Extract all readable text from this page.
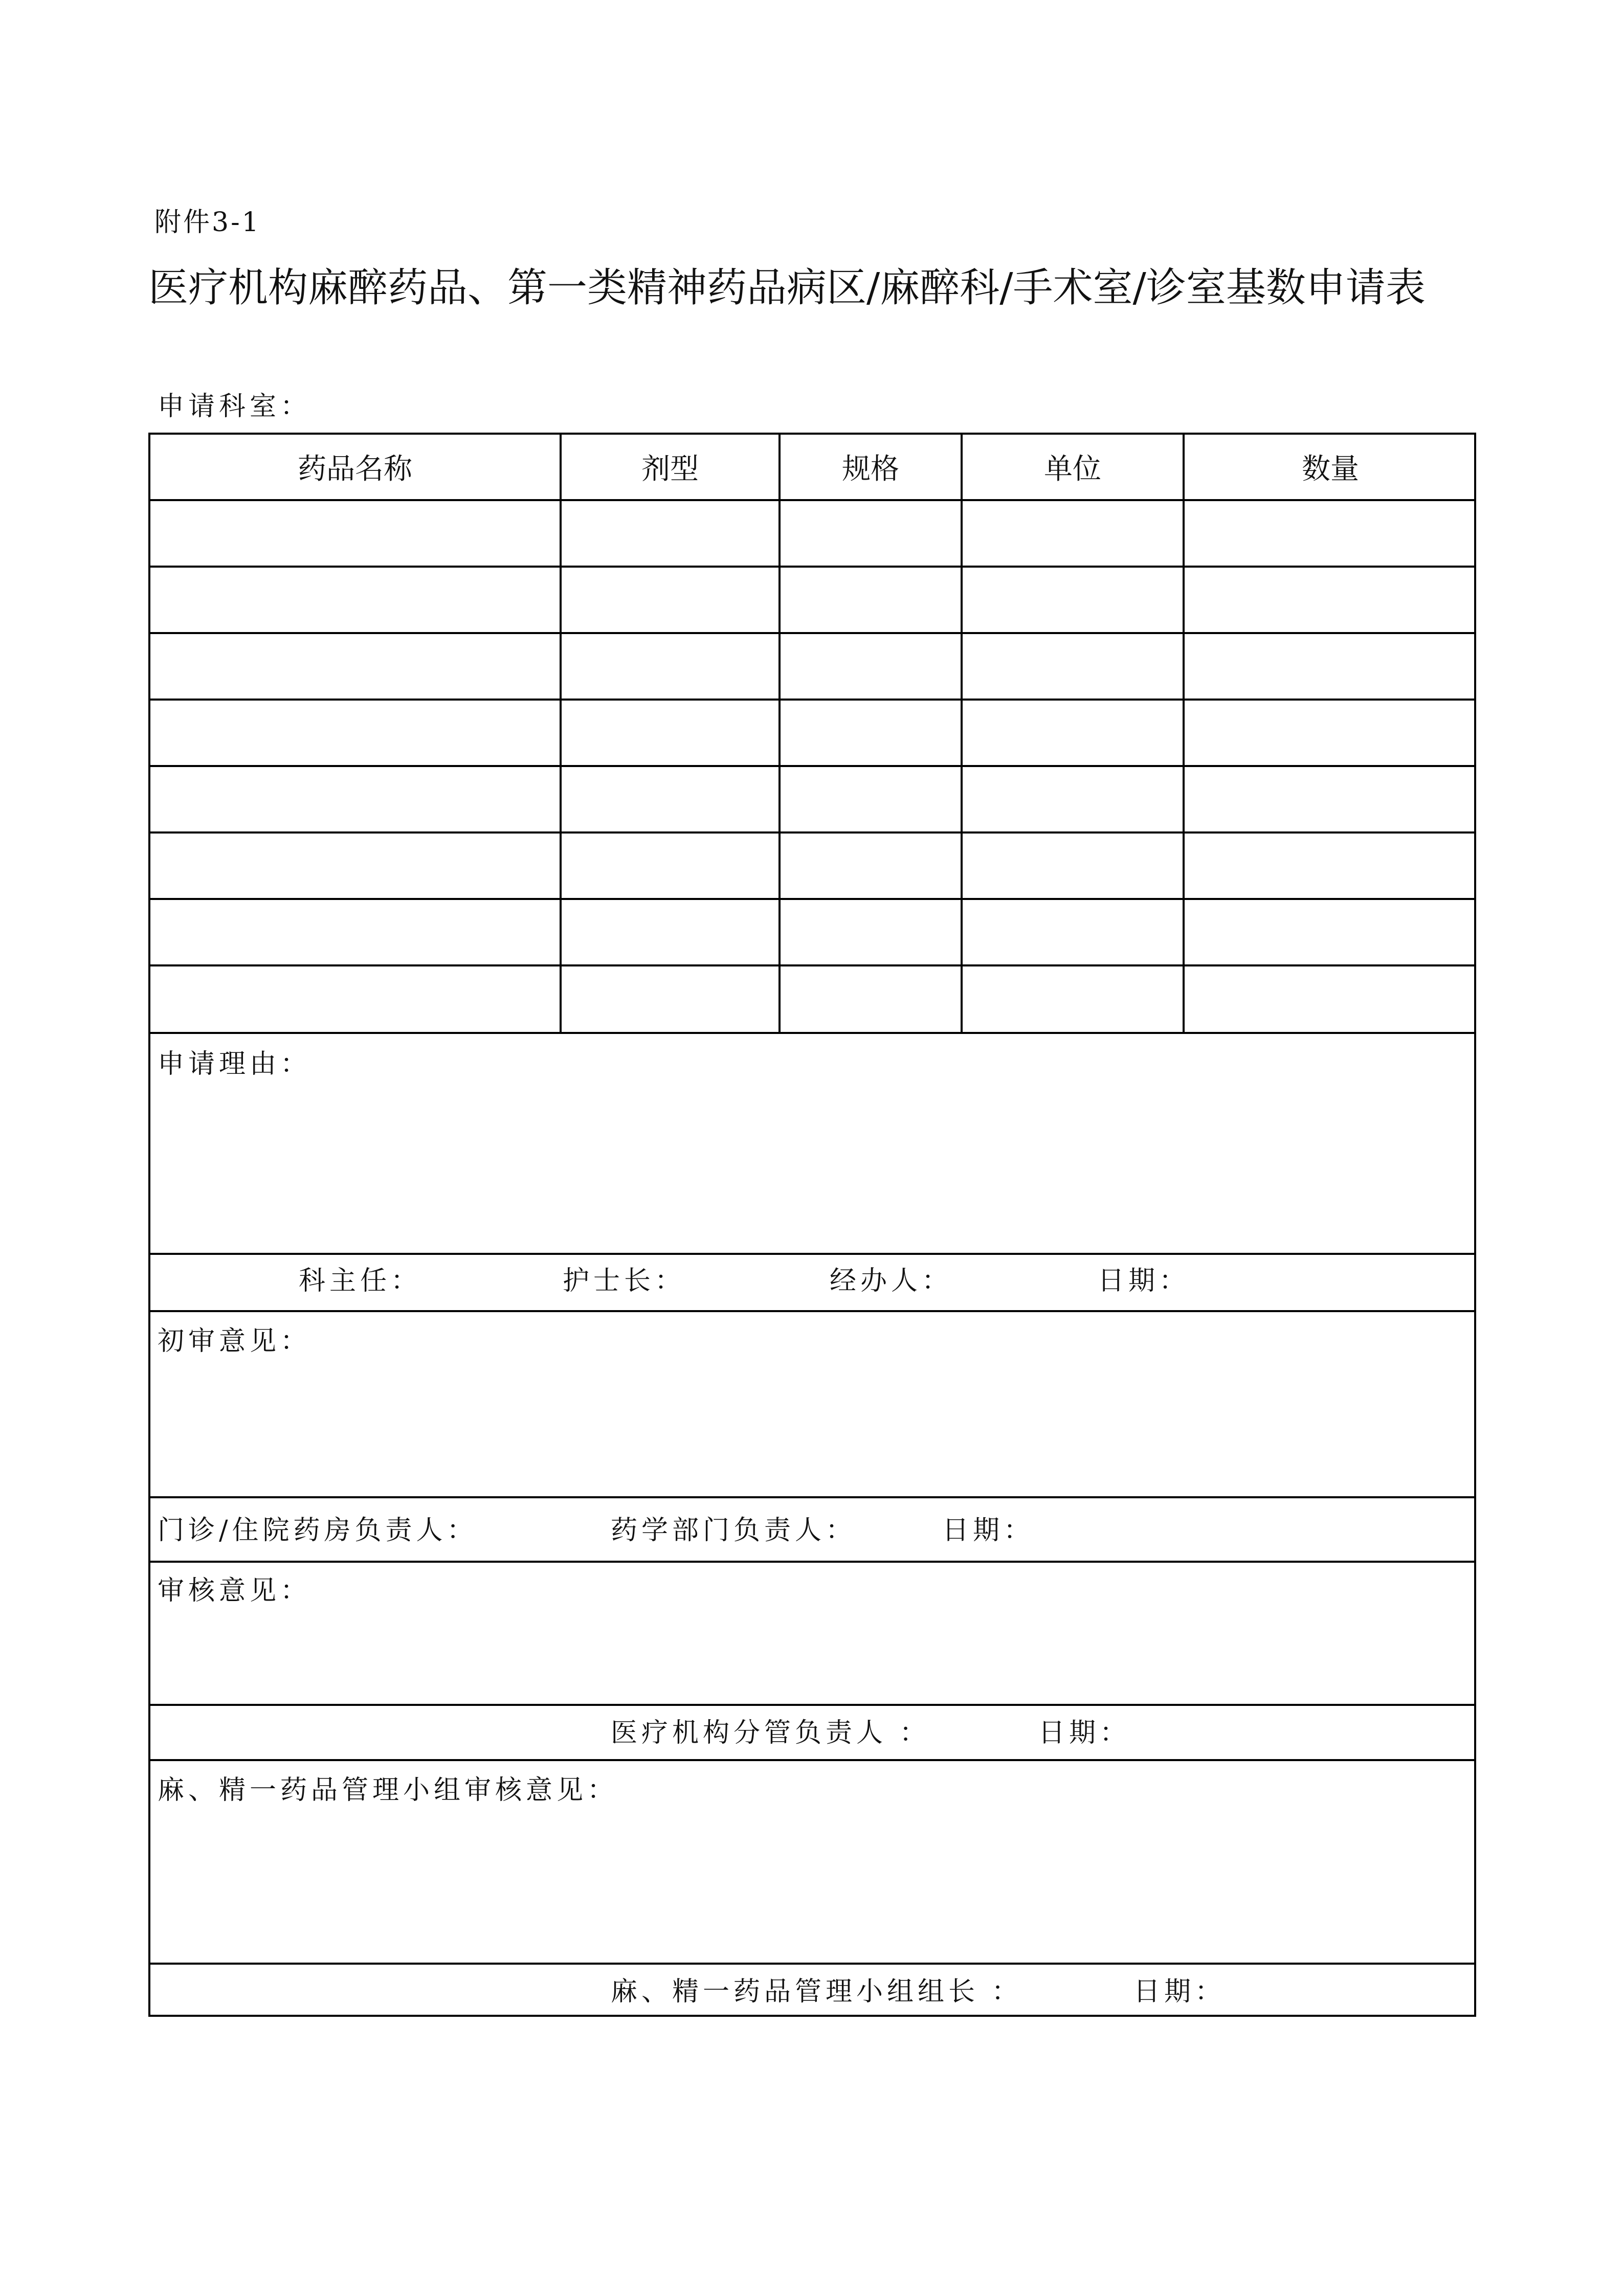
附件3-1
医疗机构麻醉药品、第一类精神药品病区/麻醉科/手术室/诊室基数申请表
申请科室：
药品名称	剂型	规格	单位	数量
申请理由：
科主任：	护士长：	经办人：	日期：
初审意见：
门诊/住院药房负责人：	药学部门负责人：	日期：
审核意见：
医疗机构分管负责人 ：	日期：
麻、精一药品管理小组审核意见：
麻、精一药品管理小组组长 ：	日期：
